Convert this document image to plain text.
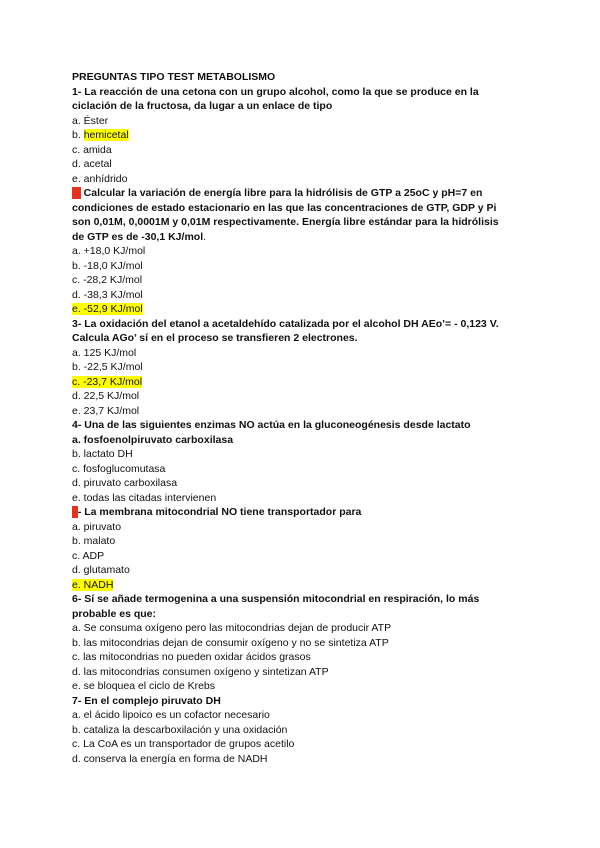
PREGUNTAS TIPO TEST METABOLISMO
1- La reacción de una cetona con un grupo alcohol, como la que se produce en la
ciclación de la fructosa, da lugar a un enlace de tipo
a. Éster
b. hemicetal
c. amida
d. acetal
e. anhídrido
2. Calcular la variación de energía libre para la hidrólisis de GTP a 25oC y pH=7 en
condiciones de estado estacionario en las que las concentraciones de GTP, GDP y Pi
son 0,01M, 0,0001M y 0,01M respectivamente. Energía libre estándar para la hidrólisis
de GTP es de -30,1 KJ/mol.
a. +18,0 KJ/mol
b. -18,0 KJ/mol
c. -28,2 KJ/mol
d. -38,3 KJ/mol
e. -52,9 KJ/mol
3- La oxidación del etanol a acetaldehído catalizada por el alcohol DH AEo’= - 0,123 V.
Calcula AGo’ sí en el proceso se transfieren 2 electrones.
a. 125 KJ/mol
b. -22,5 KJ/mol
c. -23,7 KJ/mol
d. 22,5 KJ/mol
e. 23,7 KJ/mol
4- Una de las siguientes enzimas NO actúa en la gluconeogénesis desde lactato
a. fosfoenolpiruvato carboxilasa
b. lactato DH
c. fosfoglucomutasa
d. piruvato carboxilasa
e. todas las citadas intervienen
5- La membrana mitocondrial NO tiene transportador para
a. piruvato
b. malato
c. ADP
d. glutamato
e. NADH
6- Sí se añade termogenina a una suspensión mitocondrial en respiración, lo más
probable es que:
a. Se consuma oxígeno pero las mitocondrias dejan de producir ATP
b. las mitocondrias dejan de consumir oxígeno y no se sintetiza ATP
c. las mitocondrias no pueden oxidar ácidos grasos
d. las mitocondrias consumen oxígeno y sintetizan ATP
e. se bloquea el ciclo de Krebs
7- En el complejo piruvato DH
a. el ácido lipoico es un cofactor necesario
b. cataliza la descarboxilación y una oxidación
c. La CoA es un transportador de grupos acetilo
d. conserva la energía en forma de NADH
